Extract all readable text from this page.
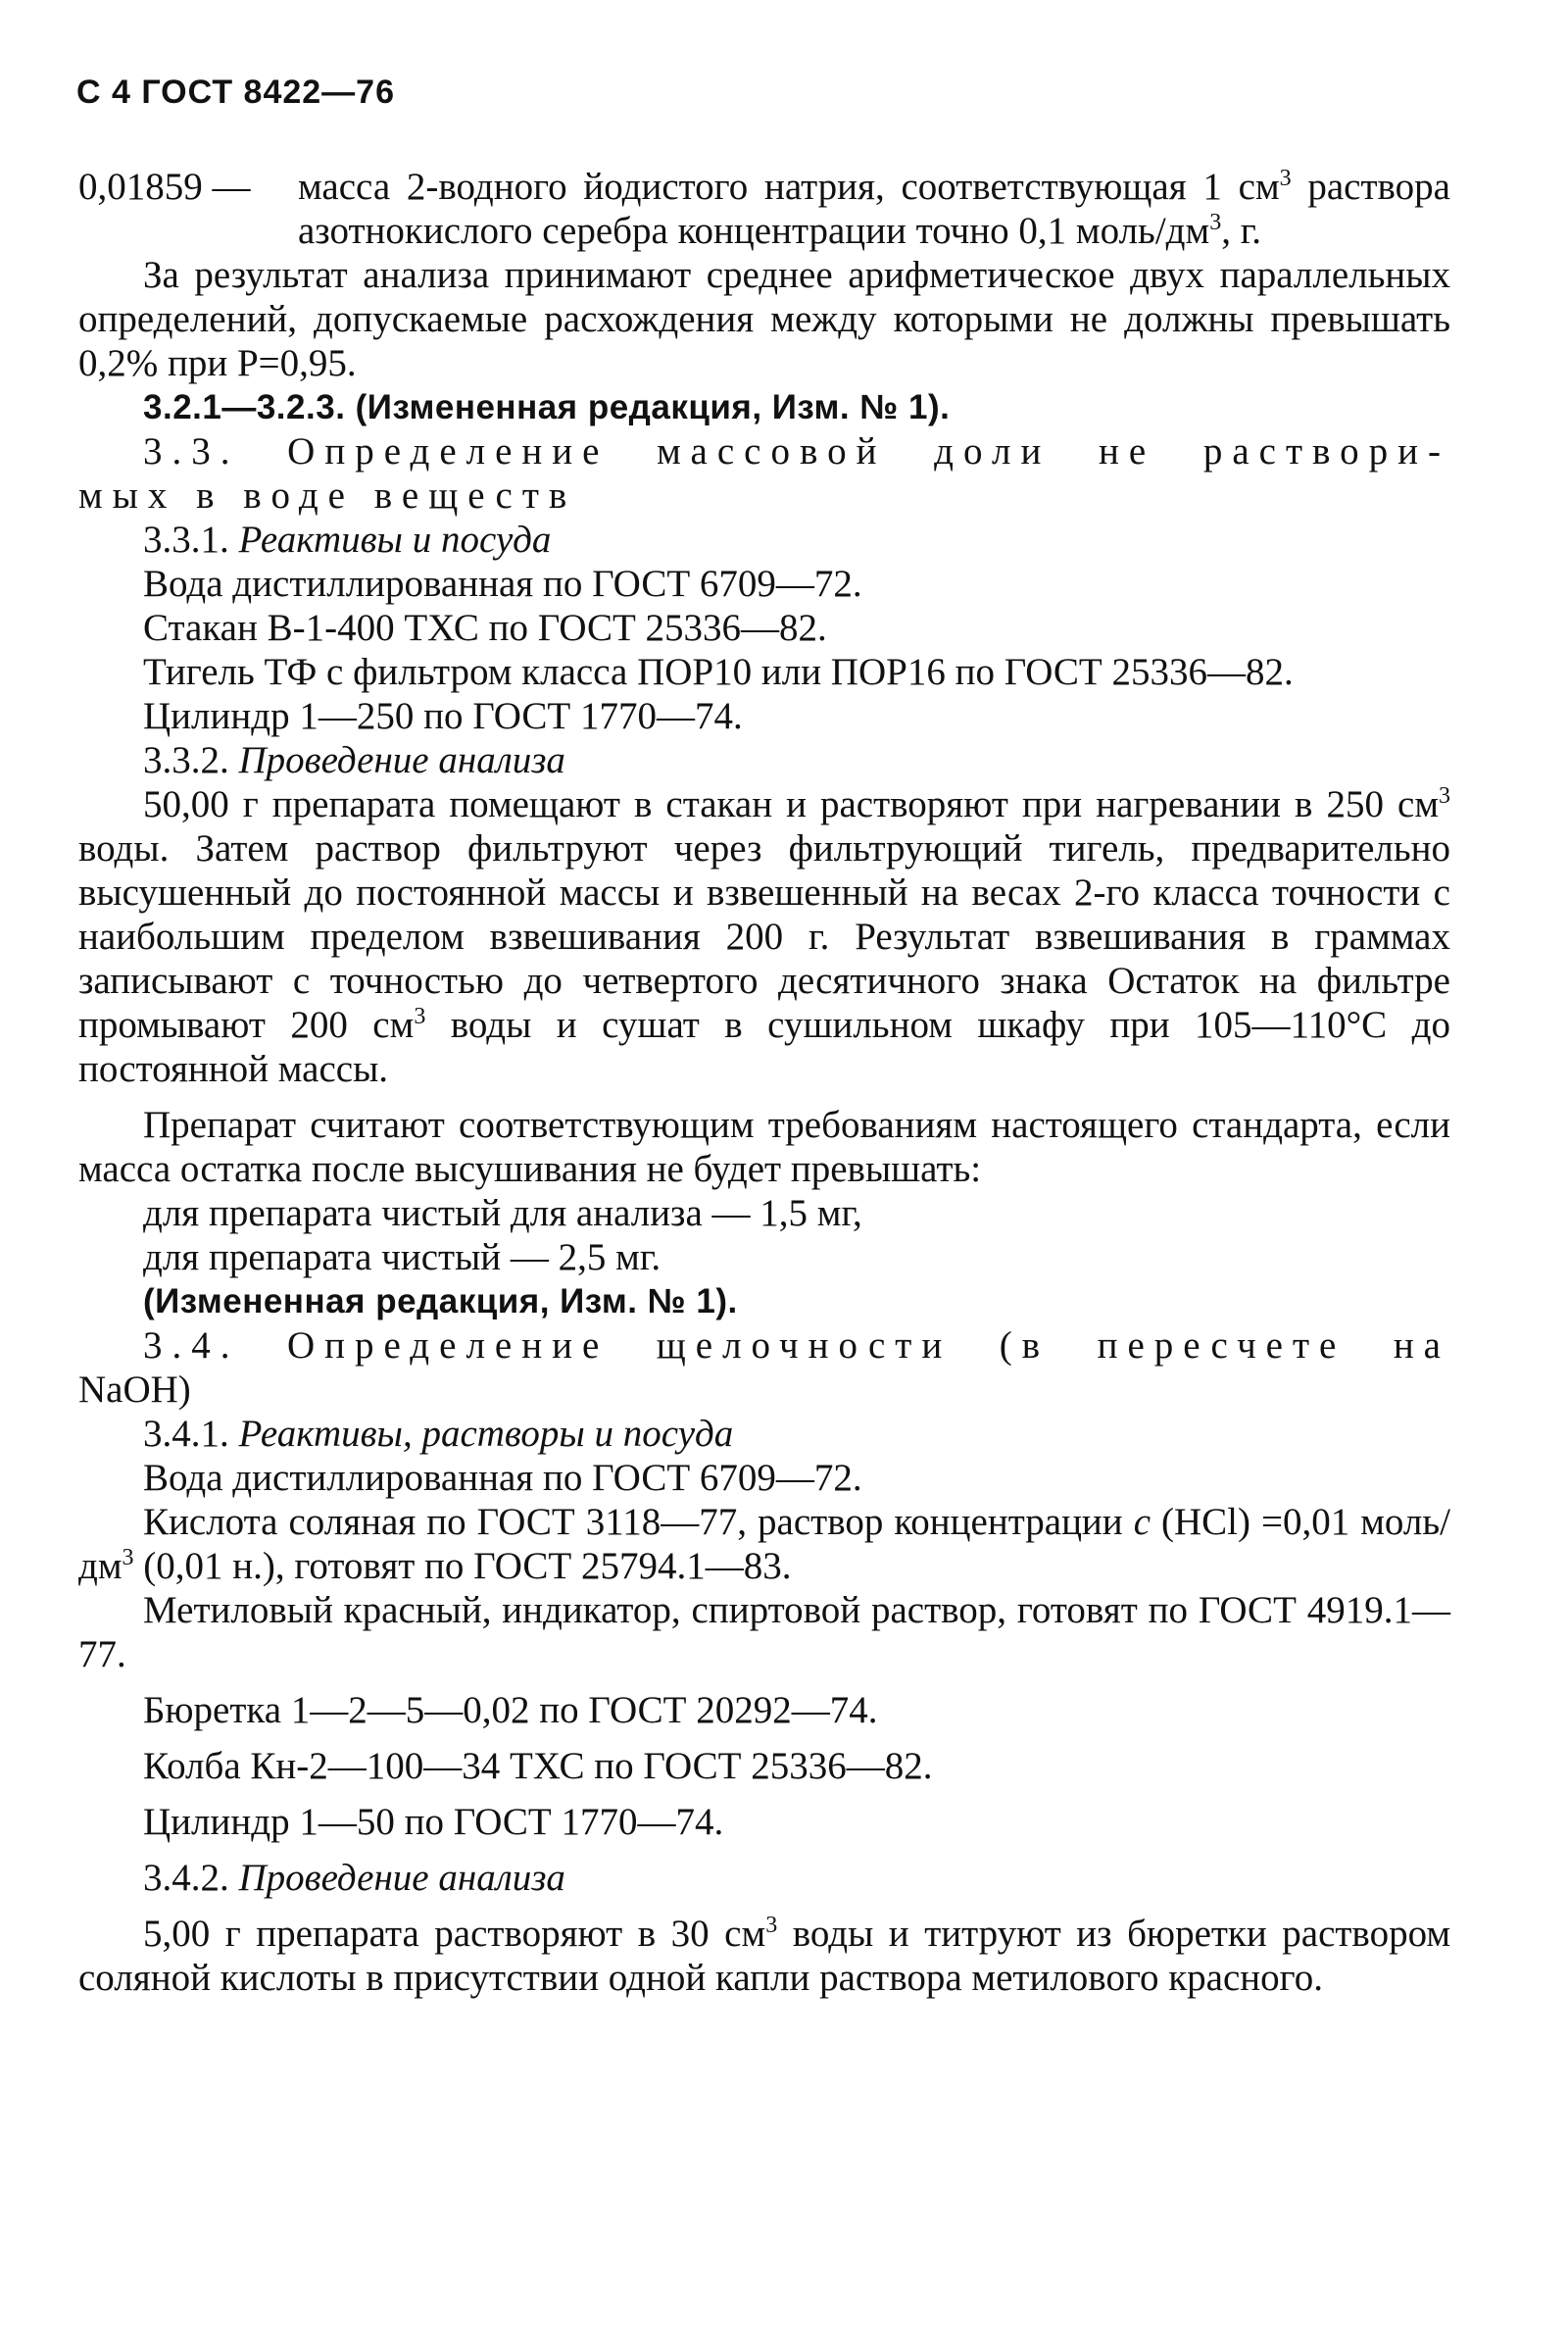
С 4 ГОСТ 8422—76
0,01859 —	масса 2-водного йодистого натрия, соответствующая 1 $см^3$ раствора азотнокислого серебра концентрации точно 0,1 моль/$дм^3$, г.

За результат анализа принимают среднее арифметическое двух параллельных определений, допускаемые расхождения между которыми не должны превышать 0,2% при P=0,95.

3.2.1—3.2.3. (Измененная редакция, Изм. № 1).

3.3. Определение массовой доли не раствори-

мых в воде веществ

3.3.1. Реактивы и посуда

Вода дистиллированная по ГОСТ 6709—72.

Стакан В-1-400 ТХС по ГОСТ 25336—82.

Тигель ТФ с фильтром класса ПОР10 или ПОР16 по ГОСТ 25336—82.

Цилиндр 1—250 по ГОСТ 1770—74.

3.3.2. Проведение анализа

50,00 г препарата помещают в стакан и растворяют при нагревании в 250 $см^3$ воды. Затем раствор фильтруют через фильтрующий тигель, предварительно высушенный до постоянной массы и взвешенный на весах 2-го класса точности с наибольшим пределом взвешивания 200 г. Результат взвешивания в граммах записывают с точностью до четвертого десятичного знака Остаток на фильтре промывают 200 $см^3$ воды и сушат в сушильном шкафу при 105—110°С до постоянной массы.

Препарат считают соответствующим требованиям настоящего стандарта, если масса остатка после высушивания не будет превышать:

для препарата чистый для анализа — 1,5 мг,

для препарата чистый — 2,5 мг.

(Измененная редакция, Изм. № 1).

3.4. Определение щелочности (в пересчете на

NaOH)

3.4.1. Реактивы, растворы и посуда

Вода дистиллированная по ГОСТ 6709—72.

Кислота соляная по ГОСТ 3118—77, раствор концентрации c (HCl) =0,01 моль/$дм^3$ (0,01 н.), готовят по ГОСТ 25794.1—83.

Метиловый красный, индикатор, спиртовой раствор, готовят по ГОСТ 4919.1—77.

Бюретка 1—2—5—0,02 по ГОСТ 20292—74.

Колба Кн-2—100—34 ТХС по ГОСТ 25336—82.

Цилиндр 1—50 по ГОСТ 1770—74.

3.4.2. Проведение анализа

5,00 г препарата растворяют в 30 $см^3$ воды и титруют из бюретки раствором соляной кислоты в присутствии одной капли раствора метилового красного.
